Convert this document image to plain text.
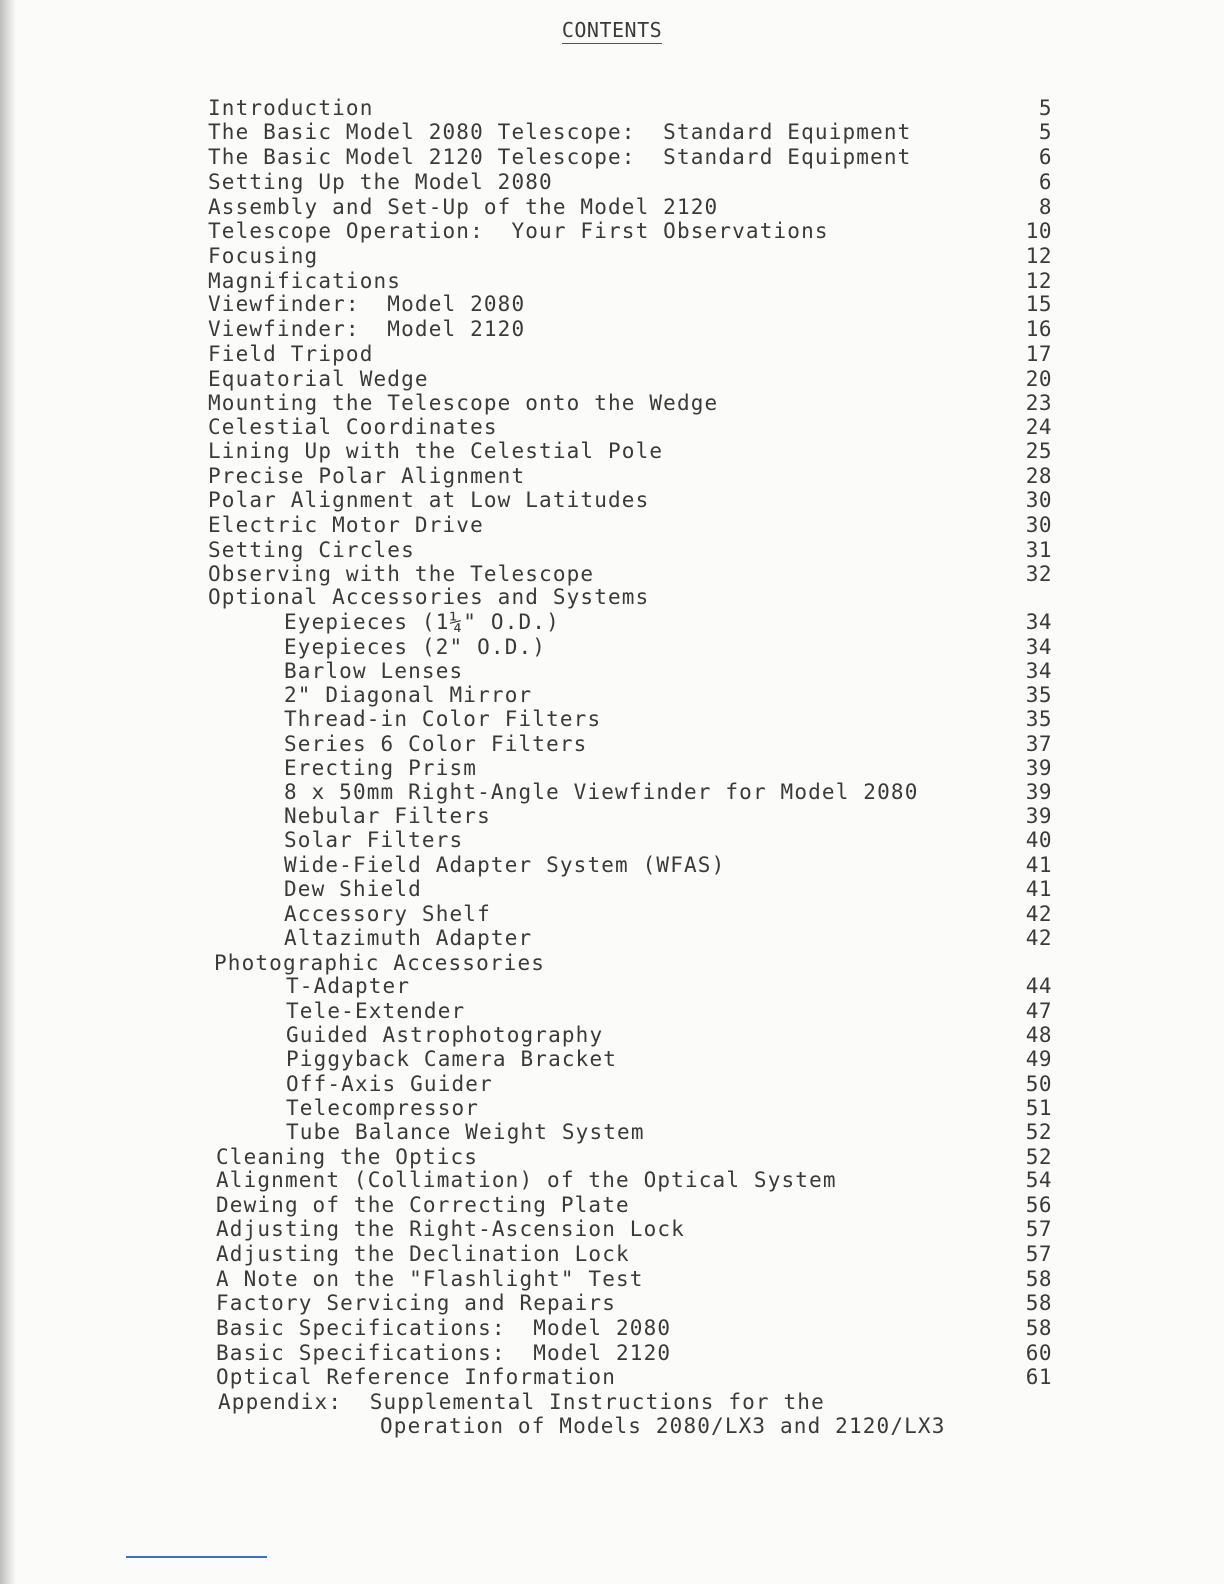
CONTENTS
Introduction	5
The Basic Model 2080 Telescope:  Standard Equipment	5
The Basic Model 2120 Telescope:  Standard Equipment	6
Setting Up the Model 2080	6
Assembly and Set-Up of the Model 2120	8
Telescope Operation:  Your First Observations	10
Focusing	12
Magnifications	12
Viewfinder:  Model 2080	15
Viewfinder:  Model 2120	16
Field Tripod	17
Equatorial Wedge	20
Mounting the Telescope onto the Wedge	23
Celestial Coordinates	24
Lining Up with the Celestial Pole	25
Precise Polar Alignment	28
Polar Alignment at Low Latitudes	30
Electric Motor Drive	30
Setting Circles	31
Observing with the Telescope	32
Optional Accessories and Systems
Eyepieces (1¼" O.D.)	34
Eyepieces (2" O.D.)	34
Barlow Lenses	34
2" Diagonal Mirror	35
Thread-in Color Filters	35
Series 6 Color Filters	37
Erecting Prism	39
8 x 50mm Right-Angle Viewfinder for Model 2080	39
Nebular Filters	39
Solar Filters	40
Wide-Field Adapter System (WFAS)	41
Dew Shield	41
Accessory Shelf	42
Altazimuth Adapter	42
Photographic Accessories
T-Adapter	44
Tele-Extender	47
Guided Astrophotography	48
Piggyback Camera Bracket	49
Off-Axis Guider	50
Telecompressor	51
Tube Balance Weight System	52
Cleaning the Optics	52
Alignment (Collimation) of the Optical System	54
Dewing of the Correcting Plate	56
Adjusting the Right-Ascension Lock	57
Adjusting the Declination Lock	57
A Note on the "Flashlight" Test	58
Factory Servicing and Repairs	58
Basic Specifications:  Model 2080	58
Basic Specifications:  Model 2120	60
Optical Reference Information	61
Appendix:  Supplemental Instructions for the
Operation of Models 2080/LX3 and 2120/LX3
